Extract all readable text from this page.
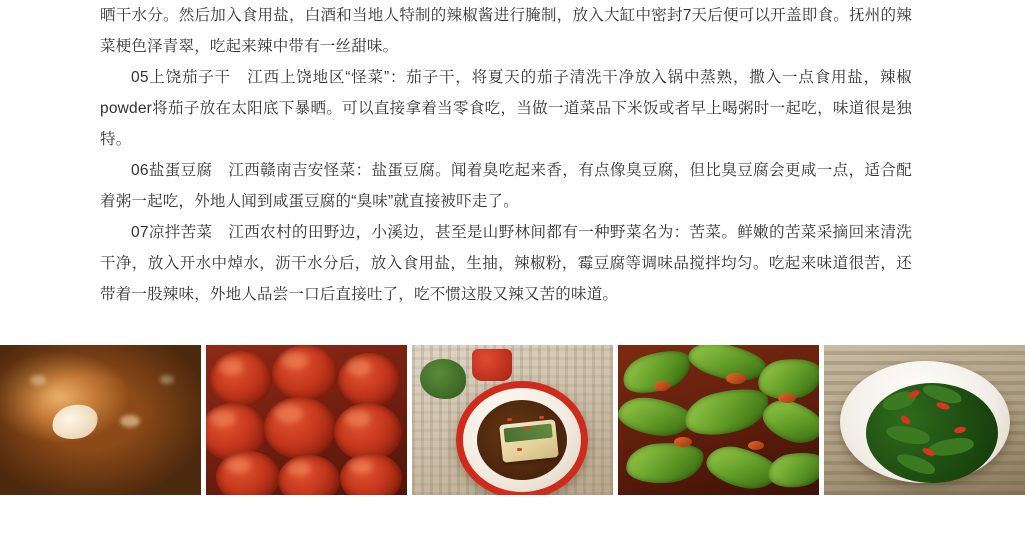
晒干水分。然后加入食用盐，白酒和当地人特制的辣椒酱进行腌制，放入大缸中密封7天后便可以开盖即食。抚州的辣菜梗色泽青翠，吃起来辣中带有一丝甜味。

05上饶茄子干　江西上饶地区“怪菜”：茄子干，将夏天的茄子清洗干净放入锅中蒸熟，撒入一点食用盐，辣椒powder将茄子放在太阳底下暴晒。可以直接拿着当零食吃，当做一道菜品下米饭或者早上喝粥时一起吃，味道很是独特。

06盐蛋豆腐　江西赣南吉安怪菜：盐蛋豆腐。闻着臭吃起来香，有点像臭豆腐，但比臭豆腐会更咸一点，适合配着粥一起吃，外地人闻到咸蛋豆腐的“臭味”就直接被吓走了。

07凉拌苦菜　江西农村的田野边，小溪边，甚至是山野林间都有一种野菜名为：苦菜。鲜嫩的苦菜采摘回来清洗干净，放入开水中焯水，沥干水分后，放入食用盐，生抽，辣椒粉，霉豆腐等调味品搅拌均匀。吃起来味道很苦，还带着一股辣味，外地人品尝一口后直接吐了，吃不惯这股又辣又苦的味道。
